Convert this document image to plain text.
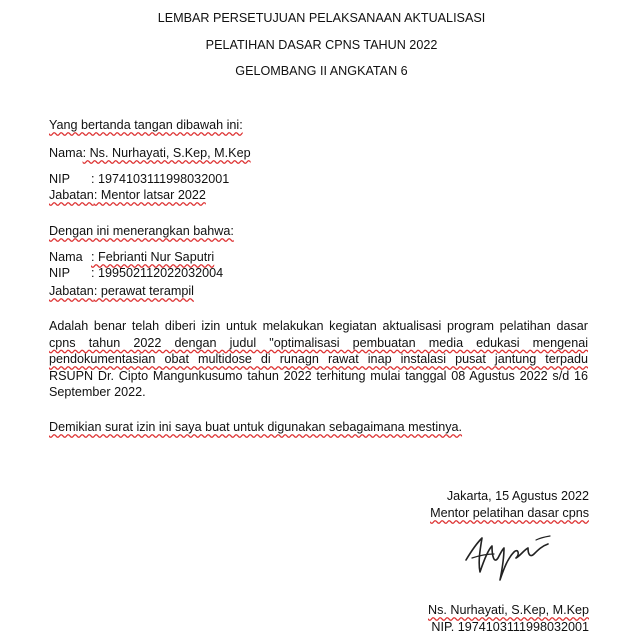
LEMBAR PERSETUJUAN PELAKSANAAN AKTUALISASI
PELATIHAN DASAR CPNS TAHUN 2022
GELOMBANG II ANGKATAN 6
Yang bertanda tangan dibawah ini:
Nama: Ns. Nurhayati, S.Kep, M.Kep
NIP : 1974103111998032001
Jabatan: Mentor latsar 2022
Dengan ini menerangkan bahwa:
Nama : Febrianti Nur Saputri
NIP : 199502112022032004
Jabatan: perawat terampil
Adalah benar telah diberi izin untuk melakukan kegiatan aktualisasi program pelatihan dasar
cpns tahun 2022 dengan judul "optimalisasi pembuatan media edukasi mengenai
pendokumentasian obat multidose di runagn rawat inap instalasi pusat jantung terpadu
RSUPN Dr. Cipto Mangunkusumo tahun 2022 terhitung mulai tanggal 08 Agustus 2022 s/d 16
September 2022.
Demikian surat izin ini saya buat untuk digunakan sebagaimana mestinya.
Jakarta, 15 Agustus 2022
Mentor pelatihan dasar cpns
Ns. Nurhayati, S.Kep, M.Kep
NIP. 1974103111998032001
